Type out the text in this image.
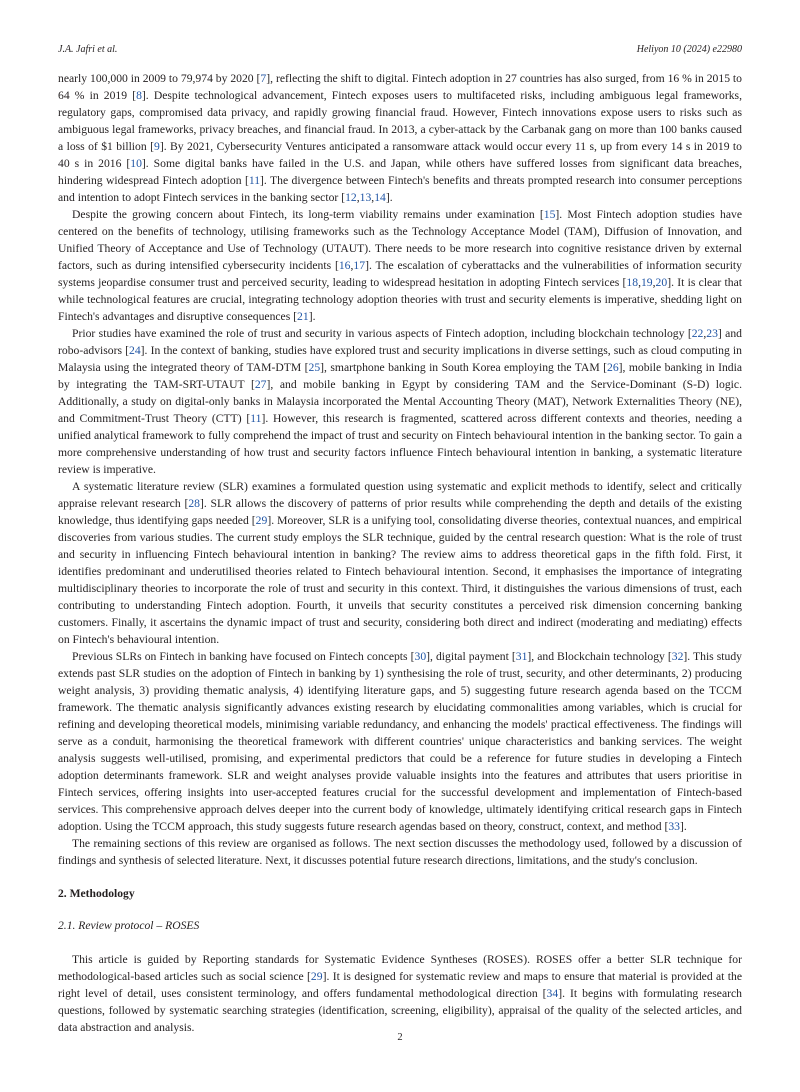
J.A. Jafri et al.	Heliyon 10 (2024) e22980

nearly 100,000 in 2009 to 79,974 by 2020 [7], reflecting the shift to digital. Fintech adoption in 27 countries has also surged, from 16 % in 2015 to 64 % in 2019 [8]. Despite technological advancement, Fintech exposes users to multifaceted risks, including ambiguous legal frameworks, regulatory gaps, compromised data privacy, and rapidly growing financial fraud. However, Fintech innovations expose users to risks such as ambiguous legal frameworks, privacy breaches, and financial fraud. In 2013, a cyber-attack by the Carbanak gang on more than 100 banks caused a loss of $1 billion [9]. By 2021, Cybersecurity Ventures anticipated a ransomware attack would occur every 11 s, up from every 14 s in 2019 to 40 s in 2016 [10]. Some digital banks have failed in the U.S. and Japan, while others have suffered losses from significant data breaches, hindering widespread Fintech adoption [11]. The divergence between Fintech's benefits and threats prompted research into consumer perceptions and intention to adopt Fintech services in the banking sector [12,13,14].

Despite the growing concern about Fintech, its long-term viability remains under examination [15]. Most Fintech adoption studies have centered on the benefits of technology, utilising frameworks such as the Technology Acceptance Model (TAM), Diffusion of Innovation, and Unified Theory of Acceptance and Use of Technology (UTAUT). There needs to be more research into cognitive resistance driven by external factors, such as during intensified cybersecurity incidents [16,17]. The escalation of cyberattacks and the vulnerabilities of information security systems jeopardise consumer trust and perceived security, leading to widespread hesitation in adopting Fintech services [18,19,20]. It is clear that while technological features are crucial, integrating technology adoption theories with trust and security elements is imperative, shedding light on Fintech's advantages and disruptive consequences [21].

Prior studies have examined the role of trust and security in various aspects of Fintech adoption, including blockchain technology [22,23] and robo-advisors [24]. In the context of banking, studies have explored trust and security implications in diverse settings, such as cloud computing in Malaysia using the integrated theory of TAM-DTM [25], smartphone banking in South Korea employing the TAM [26], mobile banking in India by integrating the TAM-SRT-UTAUT [27], and mobile banking in Egypt by considering TAM and the Service-Dominant (S-D) logic. Additionally, a study on digital-only banks in Malaysia incorporated the Mental Accounting Theory (MAT), Network Externalities Theory (NE), and Commitment-Trust Theory (CTT) [11]. However, this research is fragmented, scattered across different contexts and theories, needing a unified analytical framework to fully comprehend the impact of trust and security on Fintech behavioural intention in the banking sector. To gain a more comprehensive understanding of how trust and security factors influence Fintech behavioural intention in banking, a systematic literature review is imperative.

A systematic literature review (SLR) examines a formulated question using systematic and explicit methods to identify, select and critically appraise relevant research [28]. SLR allows the discovery of patterns of prior results while comprehending the depth and details of the existing knowledge, thus identifying gaps needed [29]. Moreover, SLR is a unifying tool, consolidating diverse theories, contextual nuances, and empirical discoveries from various studies. The current study employs the SLR technique, guided by the central research question: What is the role of trust and security in influencing Fintech behavioural intention in banking? The review aims to address theoretical gaps in the fifth fold. First, it identifies predominant and underutilised theories related to Fintech behavioural intention. Second, it emphasises the importance of integrating multidisciplinary theories to incorporate the role of trust and security in this context. Third, it distinguishes the various dimensions of trust, each contributing to understanding Fintech adoption. Fourth, it unveils that security constitutes a perceived risk dimension concerning banking customers. Finally, it ascertains the dynamic impact of trust and security, considering both direct and indirect (moderating and mediating) effects on Fintech's behavioural intention.

Previous SLRs on Fintech in banking have focused on Fintech concepts [30], digital payment [31], and Blockchain technology [32]. This study extends past SLR studies on the adoption of Fintech in banking by 1) synthesising the role of trust, security, and other determinants, 2) producing weight analysis, 3) providing thematic analysis, 4) identifying literature gaps, and 5) suggesting future research agenda based on the TCCM framework. The thematic analysis significantly advances existing research by elucidating commonalities among variables, which is crucial for refining and developing theoretical models, minimising variable redundancy, and enhancing the models' practical effectiveness. The findings will serve as a conduit, harmonising the theoretical framework with different countries' unique characteristics and banking services. The weight analysis suggests well-utilised, promising, and experimental predictors that could be a reference for future studies in developing a Fintech adoption determinants framework. SLR and weight analyses provide valuable insights into the features and attributes that users prioritise in Fintech services, offering insights into user-accepted features crucial for the successful development and implementation of Fintech-based services. This comprehensive approach delves deeper into the current body of knowledge, ultimately identifying critical research gaps in Fintech adoption. Using the TCCM approach, this study suggests future research agendas based on theory, construct, context, and method [33].

The remaining sections of this review are organised as follows. The next section discusses the methodology used, followed by a discussion of findings and synthesis of selected literature. Next, it discusses potential future research directions, limitations, and the study's conclusion.

2. Methodology
2.1. Review protocol – ROSES

This article is guided by Reporting standards for Systematic Evidence Syntheses (ROSES). ROSES offer a better SLR technique for methodological-based articles such as social science [29]. It is designed for systematic review and maps to ensure that material is provided at the right level of detail, uses consistent terminology, and offers fundamental methodological direction [34]. It begins with formulating research questions, followed by systematic searching strategies (identification, screening, eligibility), appraisal of the quality of the selected articles, and data abstraction and analysis.

2
